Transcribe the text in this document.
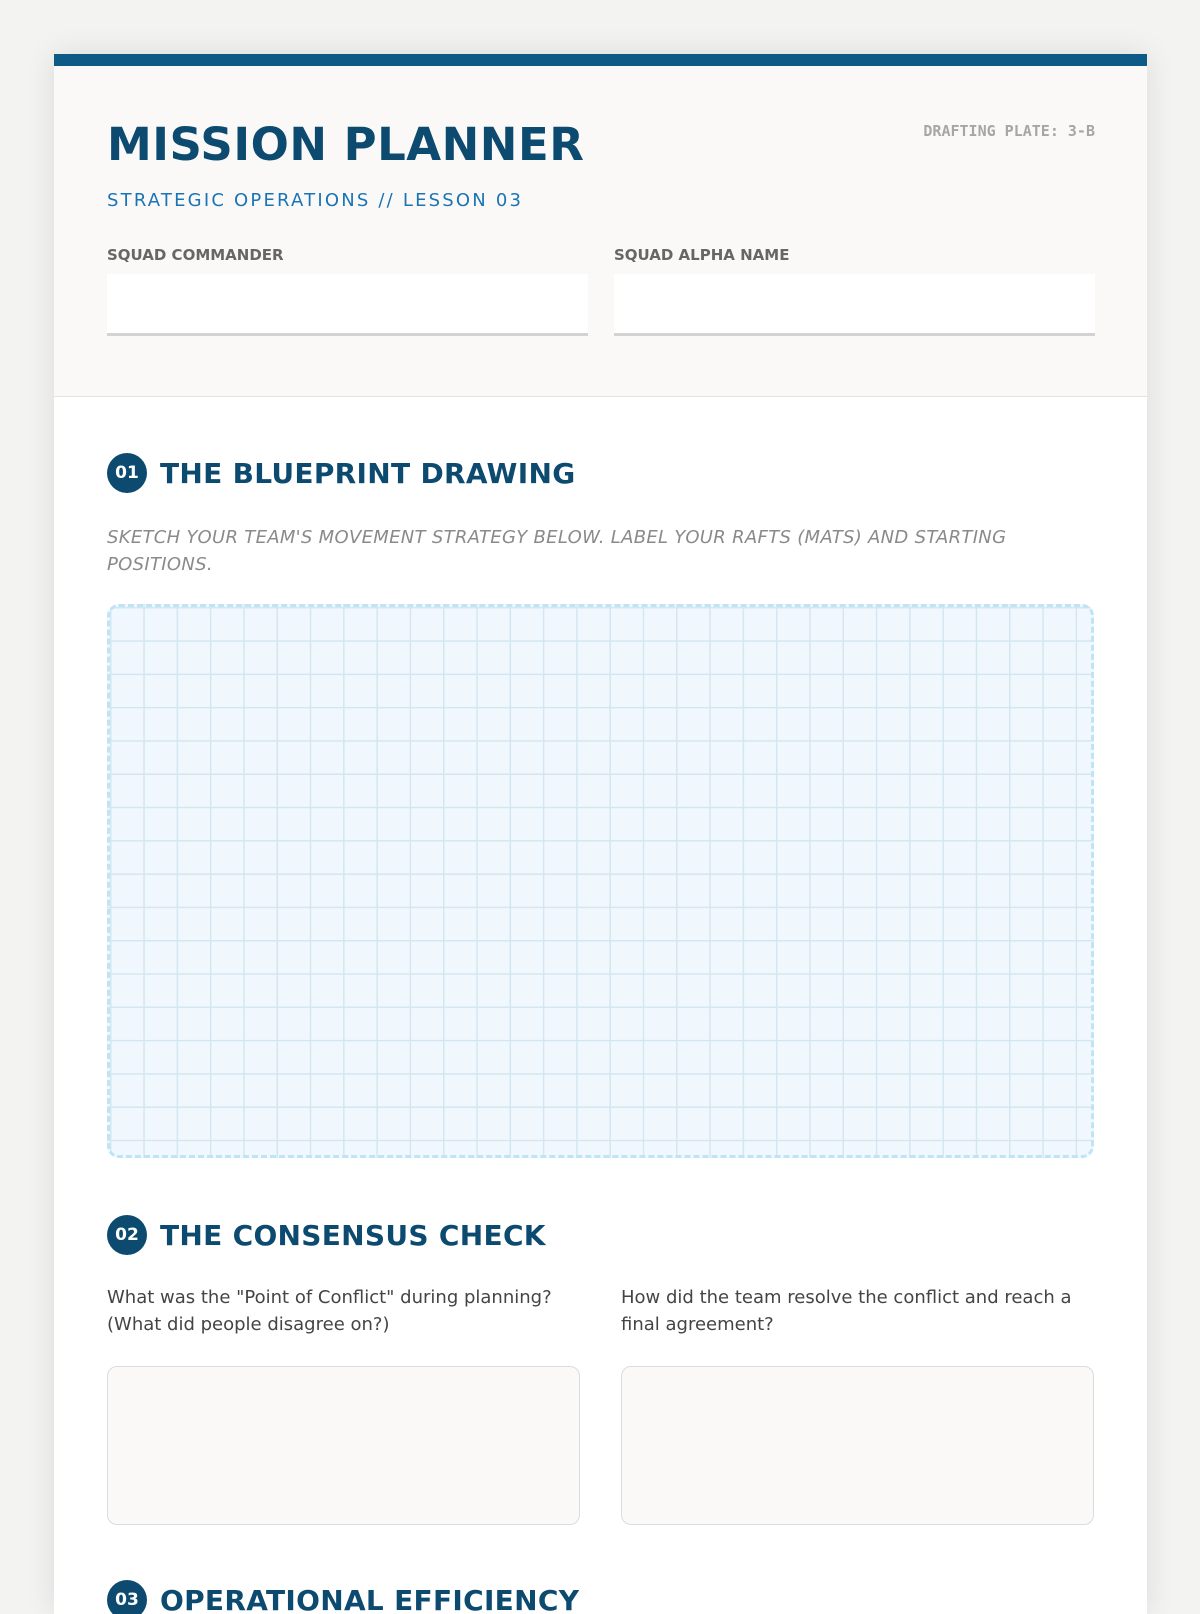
MISSION PLANNER
STRATEGIC OPERATIONS // LESSON 03
DRAFTING PLATE: 3-B
SQUAD COMMANDER	SQUAD ALPHA NAME
01 THE BLUEPRINT DRAWING
SKETCH YOUR TEAM'S MOVEMENT STRATEGY BELOW. LABEL YOUR RAFTS (MATS) AND STARTING POSITIONS.
02 THE CONSENSUS CHECK
What was the "Point of Conflict" during planning? (What did people disagree on?)
How did the team resolve the conflict and reach a final agreement?
03 OPERATIONAL EFFICIENCY
